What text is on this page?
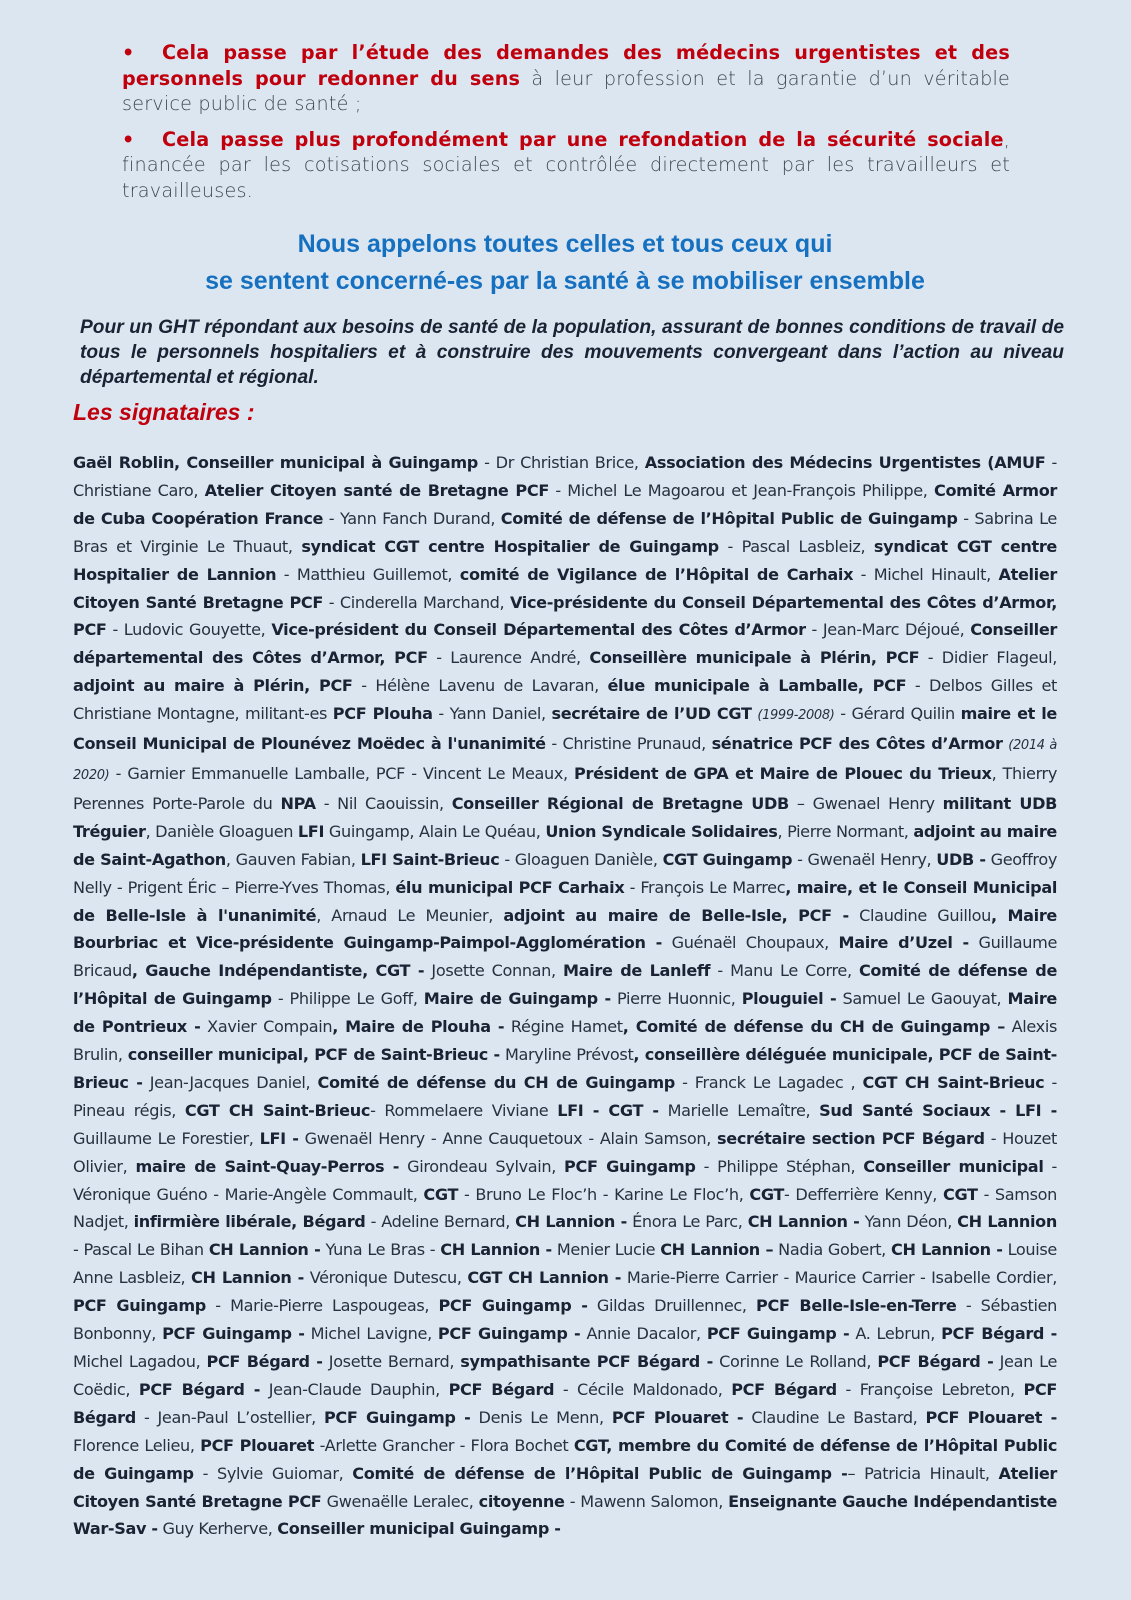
• Cela passe par l’étude des demandes des médecins urgentistes et des personnels pour redonner du sens à leur profession et la garantie d’un véritable service public de santé ;

• Cela passe plus profondément par une refondation de la sécurité sociale, financée par les cotisations sociales et contrôlée directement par les travailleurs et travailleuses.

Nous appelons toutes celles et tous ceux qui
se sentent concerné-es par la santé à se mobiliser ensemble
Pour un GHT répondant aux besoins de santé de la population, assurant de bonnes conditions de travail de tous le personnels hospitaliers et à construire des mouvements convergeant dans l’action au niveau départemental et régional.
Les signataires :
Gaël Roblin, Conseiller municipal à Guingamp - Dr Christian Brice, Association des Médecins Urgentistes (AMUF - Christiane Caro, Atelier Citoyen santé de Bretagne PCF - Michel Le Magoarou et Jean-François Philippe, Comité Armor de Cuba Coopération France - Yann Fanch Durand, Comité de défense de l’Hôpital Public de Guingamp - Sabrina Le Bras et Virginie Le Thuaut, syndicat CGT centre Hospitalier de Guingamp - Pascal Lasbleiz, syndicat CGT centre Hospitalier de Lannion - Matthieu Guillemot, comité de Vigilance de l’Hôpital de Carhaix - Michel Hinault, Atelier Citoyen Santé Bretagne PCF - Cinderella Marchand, Vice-présidente du Conseil Départemental des Côtes d’Armor, PCF - Ludovic Gouyette, Vice-président du Conseil Départemental des Côtes d’Armor - Jean-Marc Déjoué, Conseiller départemental des Côtes d’Armor, PCF - Laurence André, Conseillère municipale à Plérin, PCF - Didier Flageul, adjoint au maire à Plérin, PCF - Hélène Lavenu de Lavaran, élue municipale à Lamballe, PCF - Delbos Gilles et Christiane Montagne, militant-es PCF Plouha - Yann Daniel, secrétaire de l’UD CGT (1999-2008) - Gérard Quilin maire et le Conseil Municipal de Plounévez Moëdec à l'unanimité - Christine Prunaud, sénatrice PCF des Côtes d’Armor (2014 à 2020) - Garnier Emmanuelle Lamballe, PCF - Vincent Le Meaux, Président de GPA et Maire de Plouec du Trieux, Thierry Perennes Porte-Parole du NPA - Nil Caouissin, Conseiller Régional de Bretagne UDB – Gwenael Henry militant UDB Tréguier, Danièle Gloaguen LFI Guingamp, Alain Le Quéau, Union Syndicale Solidaires, Pierre Normant, adjoint au maire de Saint-Agathon, Gauven Fabian, LFI Saint-Brieuc - Gloaguen Danièle, CGT Guingamp - Gwenaël Henry, UDB - Geoffroy Nelly - Prigent Éric – Pierre-Yves Thomas, élu municipal PCF Carhaix - François Le Marrec, maire, et le Conseil Municipal de Belle-Isle à l'unanimité, Arnaud Le Meunier, adjoint au maire de Belle-Isle, PCF - Claudine Guillou, Maire Bourbriac et Vice-présidente Guingamp-Paimpol-Agglomération - Guénaël Choupaux, Maire d’Uzel - Guillaume Bricaud, Gauche Indépendantiste, CGT - Josette Connan, Maire de Lanleff - Manu Le Corre, Comité de défense de l’Hôpital de Guingamp - Philippe Le Goff, Maire de Guingamp - Pierre Huonnic, Plouguiel - Samuel Le Gaouyat, Maire de Pontrieux - Xavier Compain, Maire de Plouha - Régine Hamet, Comité de défense du CH de Guingamp – Alexis Brulin, conseiller municipal, PCF de Saint-Brieuc - Maryline Prévost, conseillère déléguée municipale, PCF de Saint-Brieuc - Jean-Jacques Daniel, Comité de défense du CH de Guingamp - Franck Le Lagadec , CGT CH Saint-Brieuc - Pineau régis, CGT CH Saint-Brieuc- Rommelaere Viviane LFI - CGT - Marielle Lemaître, Sud Santé Sociaux - LFI - Guillaume Le Forestier, LFI - Gwenaël Henry - Anne Cauquetoux - Alain Samson, secrétaire section PCF Bégard - Houzet Olivier, maire de Saint-Quay-Perros - Girondeau Sylvain, PCF Guingamp - Philippe Stéphan, Conseiller municipal - Véronique Guéno - Marie-Angèle Commault, CGT - Bruno Le Floc’h - Karine Le Floc’h, CGT- Defferrière Kenny, CGT - Samson Nadjet, infirmière libérale, Bégard - Adeline Bernard, CH Lannion - Énora Le Parc, CH Lannion - Yann Déon, CH Lannion - Pascal Le Bihan CH Lannion - Yuna Le Bras - CH Lannion - Menier Lucie CH Lannion – Nadia Gobert, CH Lannion - Louise Anne Lasbleiz, CH Lannion - Véronique Dutescu, CGT CH Lannion - Marie-Pierre Carrier - Maurice Carrier - Isabelle Cordier, PCF Guingamp - Marie-Pierre Laspougeas, PCF Guingamp - Gildas Druillennec, PCF Belle-Isle-en-Terre - Sébastien Bonbonny, PCF Guingamp - Michel Lavigne, PCF Guingamp - Annie Dacalor, PCF Guingamp - A. Lebrun, PCF Bégard - Michel Lagadou, PCF Bégard - Josette Bernard, sympathisante PCF Bégard - Corinne Le Rolland, PCF Bégard - Jean Le Coëdic, PCF Bégard - Jean-Claude Dauphin, PCF Bégard - Cécile Maldonado, PCF Bégard - Françoise Lebreton, PCF Bégard - Jean-Paul L’ostellier, PCF Guingamp - Denis Le Menn, PCF Plouaret - Claudine Le Bastard, PCF Plouaret - Florence Lelieu, PCF Plouaret -Arlette Grancher - Flora Bochet CGT, membre du Comité de défense de l’Hôpital Public de Guingamp - Sylvie Guiomar, Comité de défense de l’Hôpital Public de Guingamp -– Patricia Hinault, Atelier Citoyen Santé Bretagne PCF Gwenaëlle Leralec, citoyenne - Mawenn Salomon, Enseignante Gauche Indépendantiste War-Sav - Guy Kerherve, Conseiller municipal Guingamp -
